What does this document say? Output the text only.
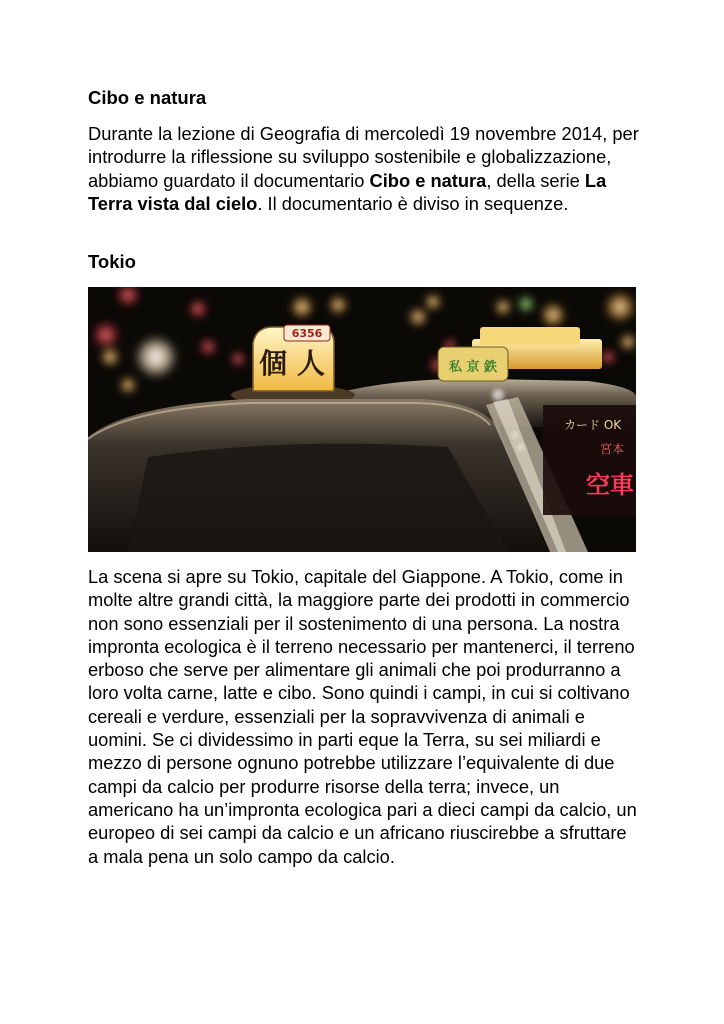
Cibo e natura

Durante la lezione di Geografia di mercoledì 19 novembre 2014, per introdurre la riflessione su sviluppo sostenibile e globalizzazione, abbiamo guardato il documentario Cibo e natura, della serie La Terra vista dal cielo. Il documentario è diviso in sequenze.

Tokio
私 京 鉄
6356
個 人
カード OK
宮本
空車

La scena si apre su Tokio, capitale del Giappone. A Tokio, come in molte altre grandi città, la maggiore parte dei prodotti in commercio non sono essenziali per il sostenimento di una persona. La nostra impronta ecologica è il terreno necessario per mantenerci, il terreno erboso che serve per alimentare gli animali che poi produrranno a loro volta carne, latte e cibo. Sono quindi i campi, in cui si coltivano cereali e verdure, essenziali per la sopravvivenza di animali e uomini. Se ci dividessimo in parti eque la Terra, su sei miliardi e mezzo di persone ognuno potrebbe utilizzare l’equivalente di due campi da calcio per produrre risorse della terra; invece, un americano ha un’impronta ecologica pari a dieci campi da calcio, un europeo di sei campi da calcio e un africano riuscirebbe a sfruttare a mala pena un solo campo da calcio.
